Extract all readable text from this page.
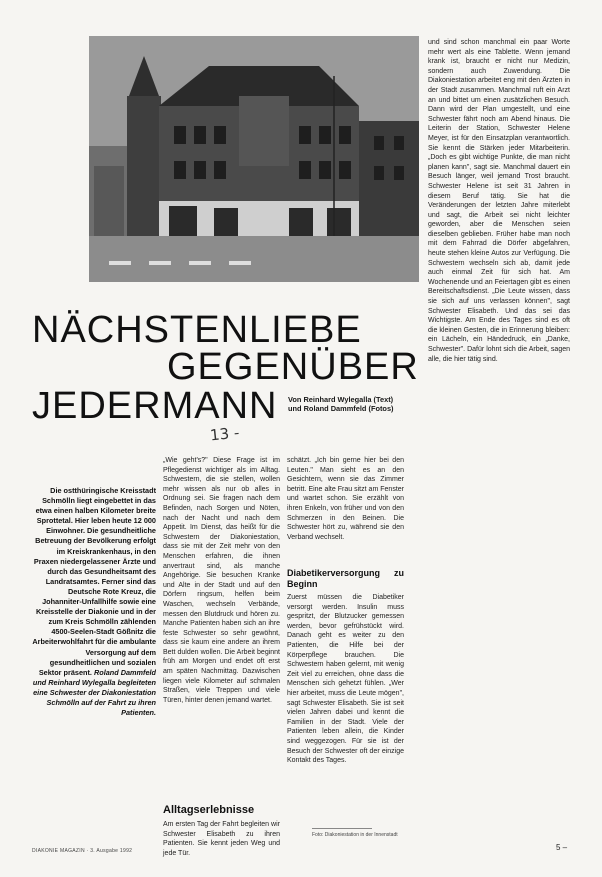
NÄCHSTENLIEBE
GEGENÜBER
JEDERMANN Von Reinhard Wylegalla (Text)
und Roland Dammfeld (Fotos)
13 -
Die ostthüringische Kreisstadt Schmölln liegt eingebettet in das etwa einen halben Kilometer breite Sprottetal. Hier leben heute 12 000 Einwohner. Die gesundheitliche Betreuung der Bevölkerung erfolgt im Kreiskrankenhaus, in den Praxen niedergelassener Ärzte und durch das Gesundheitsamt des Landratsamtes. Ferner sind das Deutsche Rote Kreuz, die Johanniter-Unfallhilfe sowie eine Kreisstelle der Diakonie und in der zum Kreis Schmölln zählenden 4500-Seelen-Stadt Gößnitz die Arbeiterwohlfahrt für die ambulante Versorgung auf dem gesundheitlichen und sozialen Sektor präsent. Roland Dammfeld und Reinhard Wylegalla begleiteten eine Schwester der Diakoniestation Schmölln auf der Fahrt zu ihren Patienten.

„Wie geht's?" Diese Frage ist im Pflegedienst wichtiger als im Alltag. Schwestern, die sie stellen, wollen mehr wissen als nur ob alles in Ordnung sei. Sie fragen nach dem Befinden, nach Sorgen und Nöten, nach der Nacht und nach dem Appetit. Im Dienst, das heißt für die Schwestern der Diakoniestation, dass sie mit der Zeit mehr von den Menschen erfahren, die ihnen anvertraut sind, als manche Angehörige. Sie besuchen Kranke und Alte in der Stadt und auf den Dörfern ringsum, helfen beim Waschen, wechseln Verbände, messen den Blutdruck und hören zu. Manche Patienten haben sich an ihre feste Schwester so sehr gewöhnt, dass sie kaum eine andere an ihrem Bett dulden wollen. Die Arbeit beginnt früh am Morgen und endet oft erst am späten Nachmittag. Dazwischen liegen viele Kilometer auf schmalen Straßen, viele Treppen und viele Türen, hinter denen jemand wartet.

Alltagserlebnisse

Am ersten Tag der Fahrt begleiten wir Schwester Elisabeth zu ihren Patienten. Sie kennt jeden Weg und jede Tür.

schätzt. „Ich bin gerne hier bei den Leuten." Man sieht es an den Gesichtern, wenn sie das Zimmer betritt. Eine alte Frau sitzt am Fenster und wartet schon. Sie erzählt von ihren Enkeln, von früher und von den Schmerzen in den Beinen. Die Schwester hört zu, während sie den Verband wechselt.

Diabetikerversorgung zu Beginn

Zuerst müssen die Diabetiker versorgt werden. Insulin muss gespritzt, der Blutzucker gemessen werden, bevor gefrühstückt wird. Danach geht es weiter zu den Patienten, die Hilfe bei der Körperpflege brauchen. Die Schwestern haben gelernt, mit wenig Zeit viel zu erreichen, ohne dass die Menschen sich gehetzt fühlen. „Wer hier arbeitet, muss die Leute mögen", sagt Schwester Elisabeth. Sie ist seit vielen Jahren dabei und kennt die Familien in der Stadt. Viele der Patienten leben allein, die Kinder sind weggezogen. Für sie ist der Besuch der Schwester oft der einzige Kontakt des Tages.

Foto: Diakoniestation in der Innenstadt

und sind schon manchmal ein paar Worte mehr wert als eine Tablette. Wenn jemand krank ist, braucht er nicht nur Medizin, sondern auch Zuwendung. Die Diakoniestation arbeitet eng mit den Ärzten in der Stadt zusammen. Manchmal ruft ein Arzt an und bittet um einen zusätzlichen Besuch. Dann wird der Plan umgestellt, und eine Schwester fährt noch am Abend hinaus. Die Leiterin der Station, Schwester Helene Meyer, ist für den Einsatzplan verantwortlich. Sie kennt die Stärken jeder Mitarbeiterin. „Doch es gibt wichtige Punkte, die man nicht planen kann", sagt sie. Manchmal dauert ein Besuch länger, weil jemand Trost braucht. Schwester Helene ist seit 31 Jahren in diesem Beruf tätig. Sie hat die Veränderungen der letzten Jahre miterlebt und sagt, die Arbeit sei nicht leichter geworden, aber die Menschen seien dieselben geblieben. Früher habe man noch mit dem Fahrrad die Dörfer abgefahren, heute stehen kleine Autos zur Verfügung. Die Schwestern wechseln sich ab, damit jede auch einmal Zeit für sich hat. Am Wochenende und an Feiertagen gibt es einen Bereitschaftsdienst. „Die Leute wissen, dass sie sich auf uns verlassen können", sagt Schwester Elisabeth. Und das sei das Wichtigste. Am Ende des Tages sind es oft die kleinen Gesten, die in Erinnerung bleiben: ein Lächeln, ein Händedruck, ein „Danke, Schwester". Dafür lohnt sich die Arbeit, sagen alle, die hier tätig sind.

DIAKONIE MAGAZIN · 3. Ausgabe 1992	5 –
